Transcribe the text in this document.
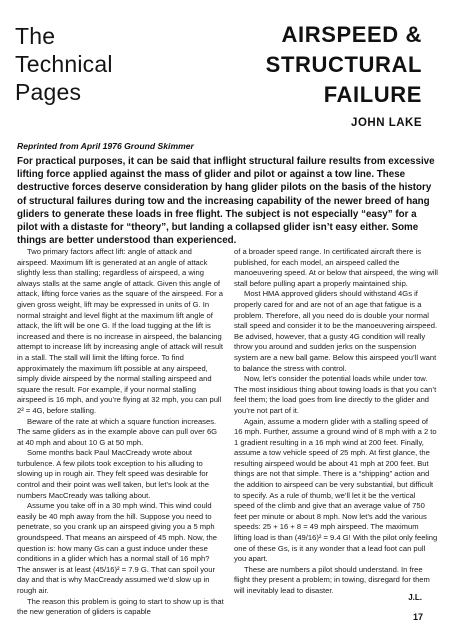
The Technical Pages
AIRSPEED & STRUCTURAL FAILURE
JOHN LAKE
Reprinted from April 1976 Ground Skimmer

For practical purposes, it can be said that inflight structural failure results from excessive lifting force applied against the mass of glider and pilot or against a tow line. These destructive forces deserve consideration by hang glider pilots on the basis of the history of structural failures during tow and the increasing capability of the newer breed of hang gliders to generate these loads in free flight. The subject is not especially “easy” for a pilot with a distaste for “theory”, but landing a collapsed glider isn’t easy either. Some things are better understood than experienced.

Two primary factors affect lift: angle of attack and airspeed. Maximum lift is generated at an angle of attack slightly less than stalling; regardless of airspeed, a wing always stalls at the same angle of attack. Given this angle of attack, lifting force varies as the square of the airspeed. For a given gross weight, lift may be expressed in units of G. In normal straight and level flight at the maximum lift angle of attack, the lift will be one G. If the load tugging at the lift is increased and there is no increase in airspeed, the balancing attempt to increase lift by increasing angle of attack will result in a stall. The stall will limit the lifting force. To find approximately the maximum lift possible at any airspeed, simply divide airspeed by the normal stalling airspeed and square the result. For example, if your normal stalling airspeed is 16 mph, and you’re flying at 32 mph, you can pull 2² = 4G, before stalling.

Beware of the rate at which a square function increases. The same gliders as in the example above can pull over 6G at 40 mph and about 10 G at 50 mph.

Some months back Paul MacCready wrote about turbulence. A few pilots took exception to his alluding to slowing up in rough air. They felt speed was desirable for control and their point was well taken, but let’s look at the numbers MacCready was talking about.

Assume you take off in a 30 mph wind. This wind could easily be 40 mph away from the hill. Suppose you need to penetrate, so you crank up an airspeed giving you a 5 mph groundspeed. That means an airspeed of 45 mph. Now, the question is: how many Gs can a gust induce under these conditions in a glider which has a normal stall of 16 mph? The answer is at least (45/16)² = 7.9 G. That can spoil your day and that is why MacCready assumed we’d slow up in rough air.

The reason this problem is going to start to show up is that the new generation of gliders is capable

of a broader speed range. In certificated aircraft there is published, for each model, an airspeed called the manoeuvering speed. At or below that airspeed, the wing will stall before pulling apart a properly maintained ship.

Most HMA approved gliders should withstand 4Gs if properly cared for and are not of an age that fatigue is a problem. Therefore, all you need do is double your normal stall speed and consider it to be the manoeuvering airspeed. Be advised, however, that a gusty 4G condition will really throw you around and sudden jerks on the suspension system are a new ball game. Below this airspeed you’ll want to balance the stress with control.

Now, let’s consider the potential loads while under tow. The most insidious thing about towing loads is that you can’t feel them; the load goes from line directly to the glider and you’re not part of it.

Again, assume a modern glider with a stalling speed of 16 mph. Further, assume a ground wind of 8 mph with a 2 to 1 gradient resulting in a 16 mph wind at 200 feet. Finally, assume a tow vehicle speed of 25 mph. At first glance, the resulting airspeed would be about 41 mph at 200 feet. But things are not that simple. There is a “shipping” action and the addition to airspeed can be very substantial, but difficult to specify. As a rule of thumb, we’ll let it be the vertical speed of the climb and give that an average value of 750 feet per minute or about 8 mph. Now let’s add the various speeds: 25 + 16 + 8 = 49 mph airspeed. The maximum lifting load is than (49/16)² = 9.4 G! With the pilot only feeling one of these Gs, is it any wonder that a lead foot can pull you apart.

These are numbers a pilot should understand. In free flight they present a problem; in towing, disregard for them will inevitably lead to disaster.

J.L.
17
